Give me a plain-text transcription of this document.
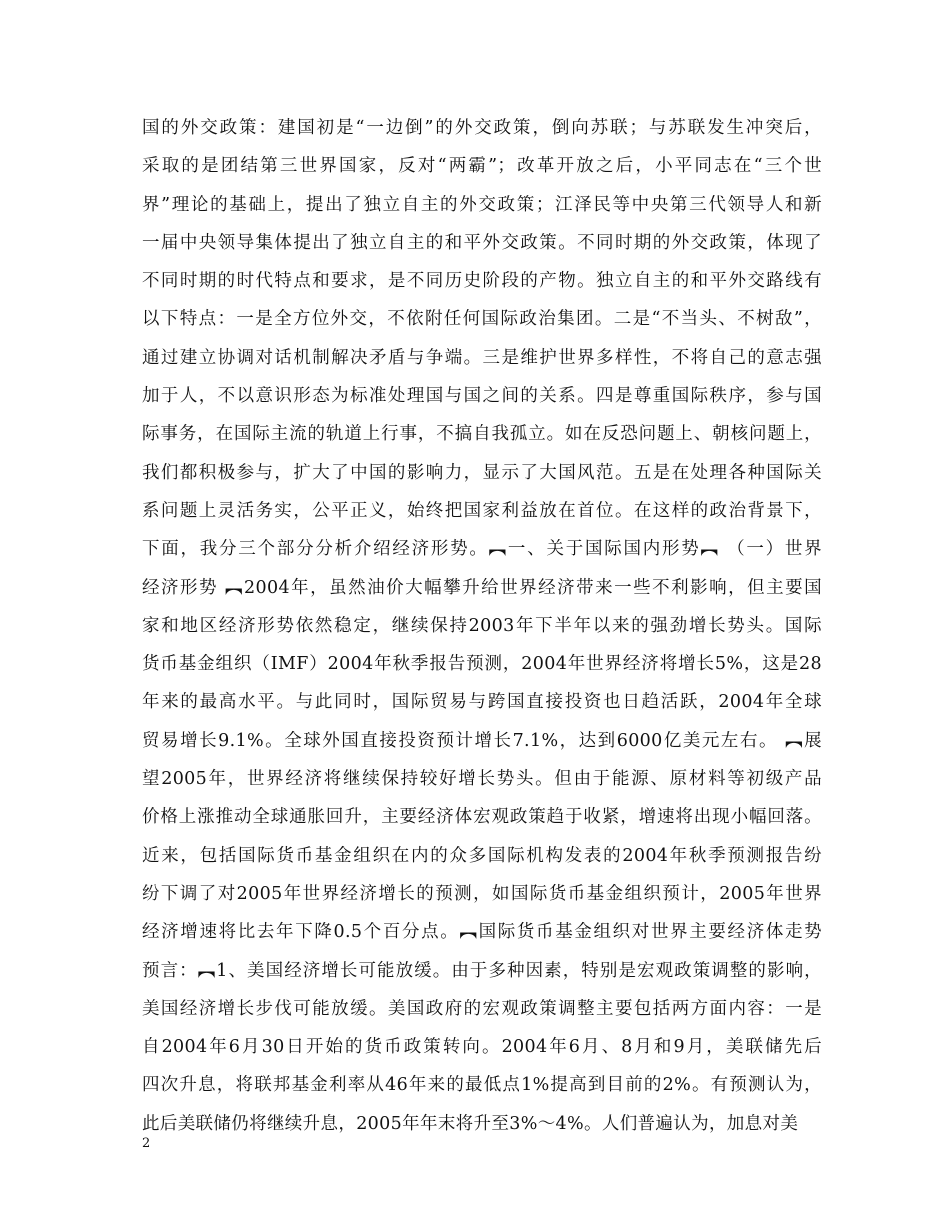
国的外交政策：建国初是“一边倒”的外交政策，倒向苏联；与苏联发生冲突后，
采取的是团结第三世界国家，反对“两霸”；改革开放之后，小平同志在“三个世
界”理论的基础上，提出了独立自主的外交政策；江泽民等中央第三代领导人和新
一届中央领导集体提出了独立自主的和平外交政策。不同时期的外交政策，体现了
不同时期的时代特点和要求，是不同历史阶段的产物。独立自主的和平外交路线有
以下特点：一是全方位外交，不依附任何国际政治集团。二是“不当头、不树敌”，
通过建立协调对话机制解决矛盾与争端。三是维护世界多样性，不将自己的意志强
加于人，不以意识形态为标准处理国与国之间的关系。四是尊重国际秩序，参与国
际事务，在国际主流的轨道上行事，不搞自我孤立。如在反恐问题上、朝核问题上，
我们都积极参与，扩大了中国的影响力，显示了大国风范。五是在处理各种国际关
系问题上灵活务实，公平正义，始终把国家利益放在首位。在这样的政治背景下，
下面，我分三个部分分析介绍经济形势。︻一、关于国际国内形势︻ （一）世界
经济形势 ︻2004年，虽然油价大幅攀升给世界经济带来一些不利影响，但主要国
家和地区经济形势依然稳定，继续保持2003年下半年以来的强劲增长势头。国际
货币基金组织（IMF）2004年秋季报告预测，2004年世界经济将增长5%，这是28
年来的最高水平。与此同时，国际贸易与跨国直接投资也日趋活跃，2004年全球
贸易增长9.1%。全球外国直接投资预计增长7.1%，达到6000亿美元左右。 ︻展
望2005年，世界经济将继续保持较好增长势头。但由于能源、原材料等初级产品
价格上涨推动全球通胀回升，主要经济体宏观政策趋于收紧，增速将出现小幅回落。
近来，包括国际货币基金组织在内的众多国际机构发表的2004年秋季预测报告纷
纷下调了对2005年世界经济增长的预测，如国际货币基金组织预计，2005年世界
经济增速将比去年下降0.5个百分点。︻国际货币基金组织对世界主要经济体走势
预言：︻1、美国经济增长可能放缓。由于多种因素，特别是宏观政策调整的影响，
美国经济增长步伐可能放缓。美国政府的宏观政策调整主要包括两方面内容：一是
自2004年6月30日开始的货币政策转向。2004年6月、8月和9月，美联储先后
四次升息，将联邦基金利率从46年来的最低点1%提高到目前的2%。有预测认为，
此后美联储仍将继续升息，2005年年末将升至3%～4%。人们普遍认为，加息对美
2
